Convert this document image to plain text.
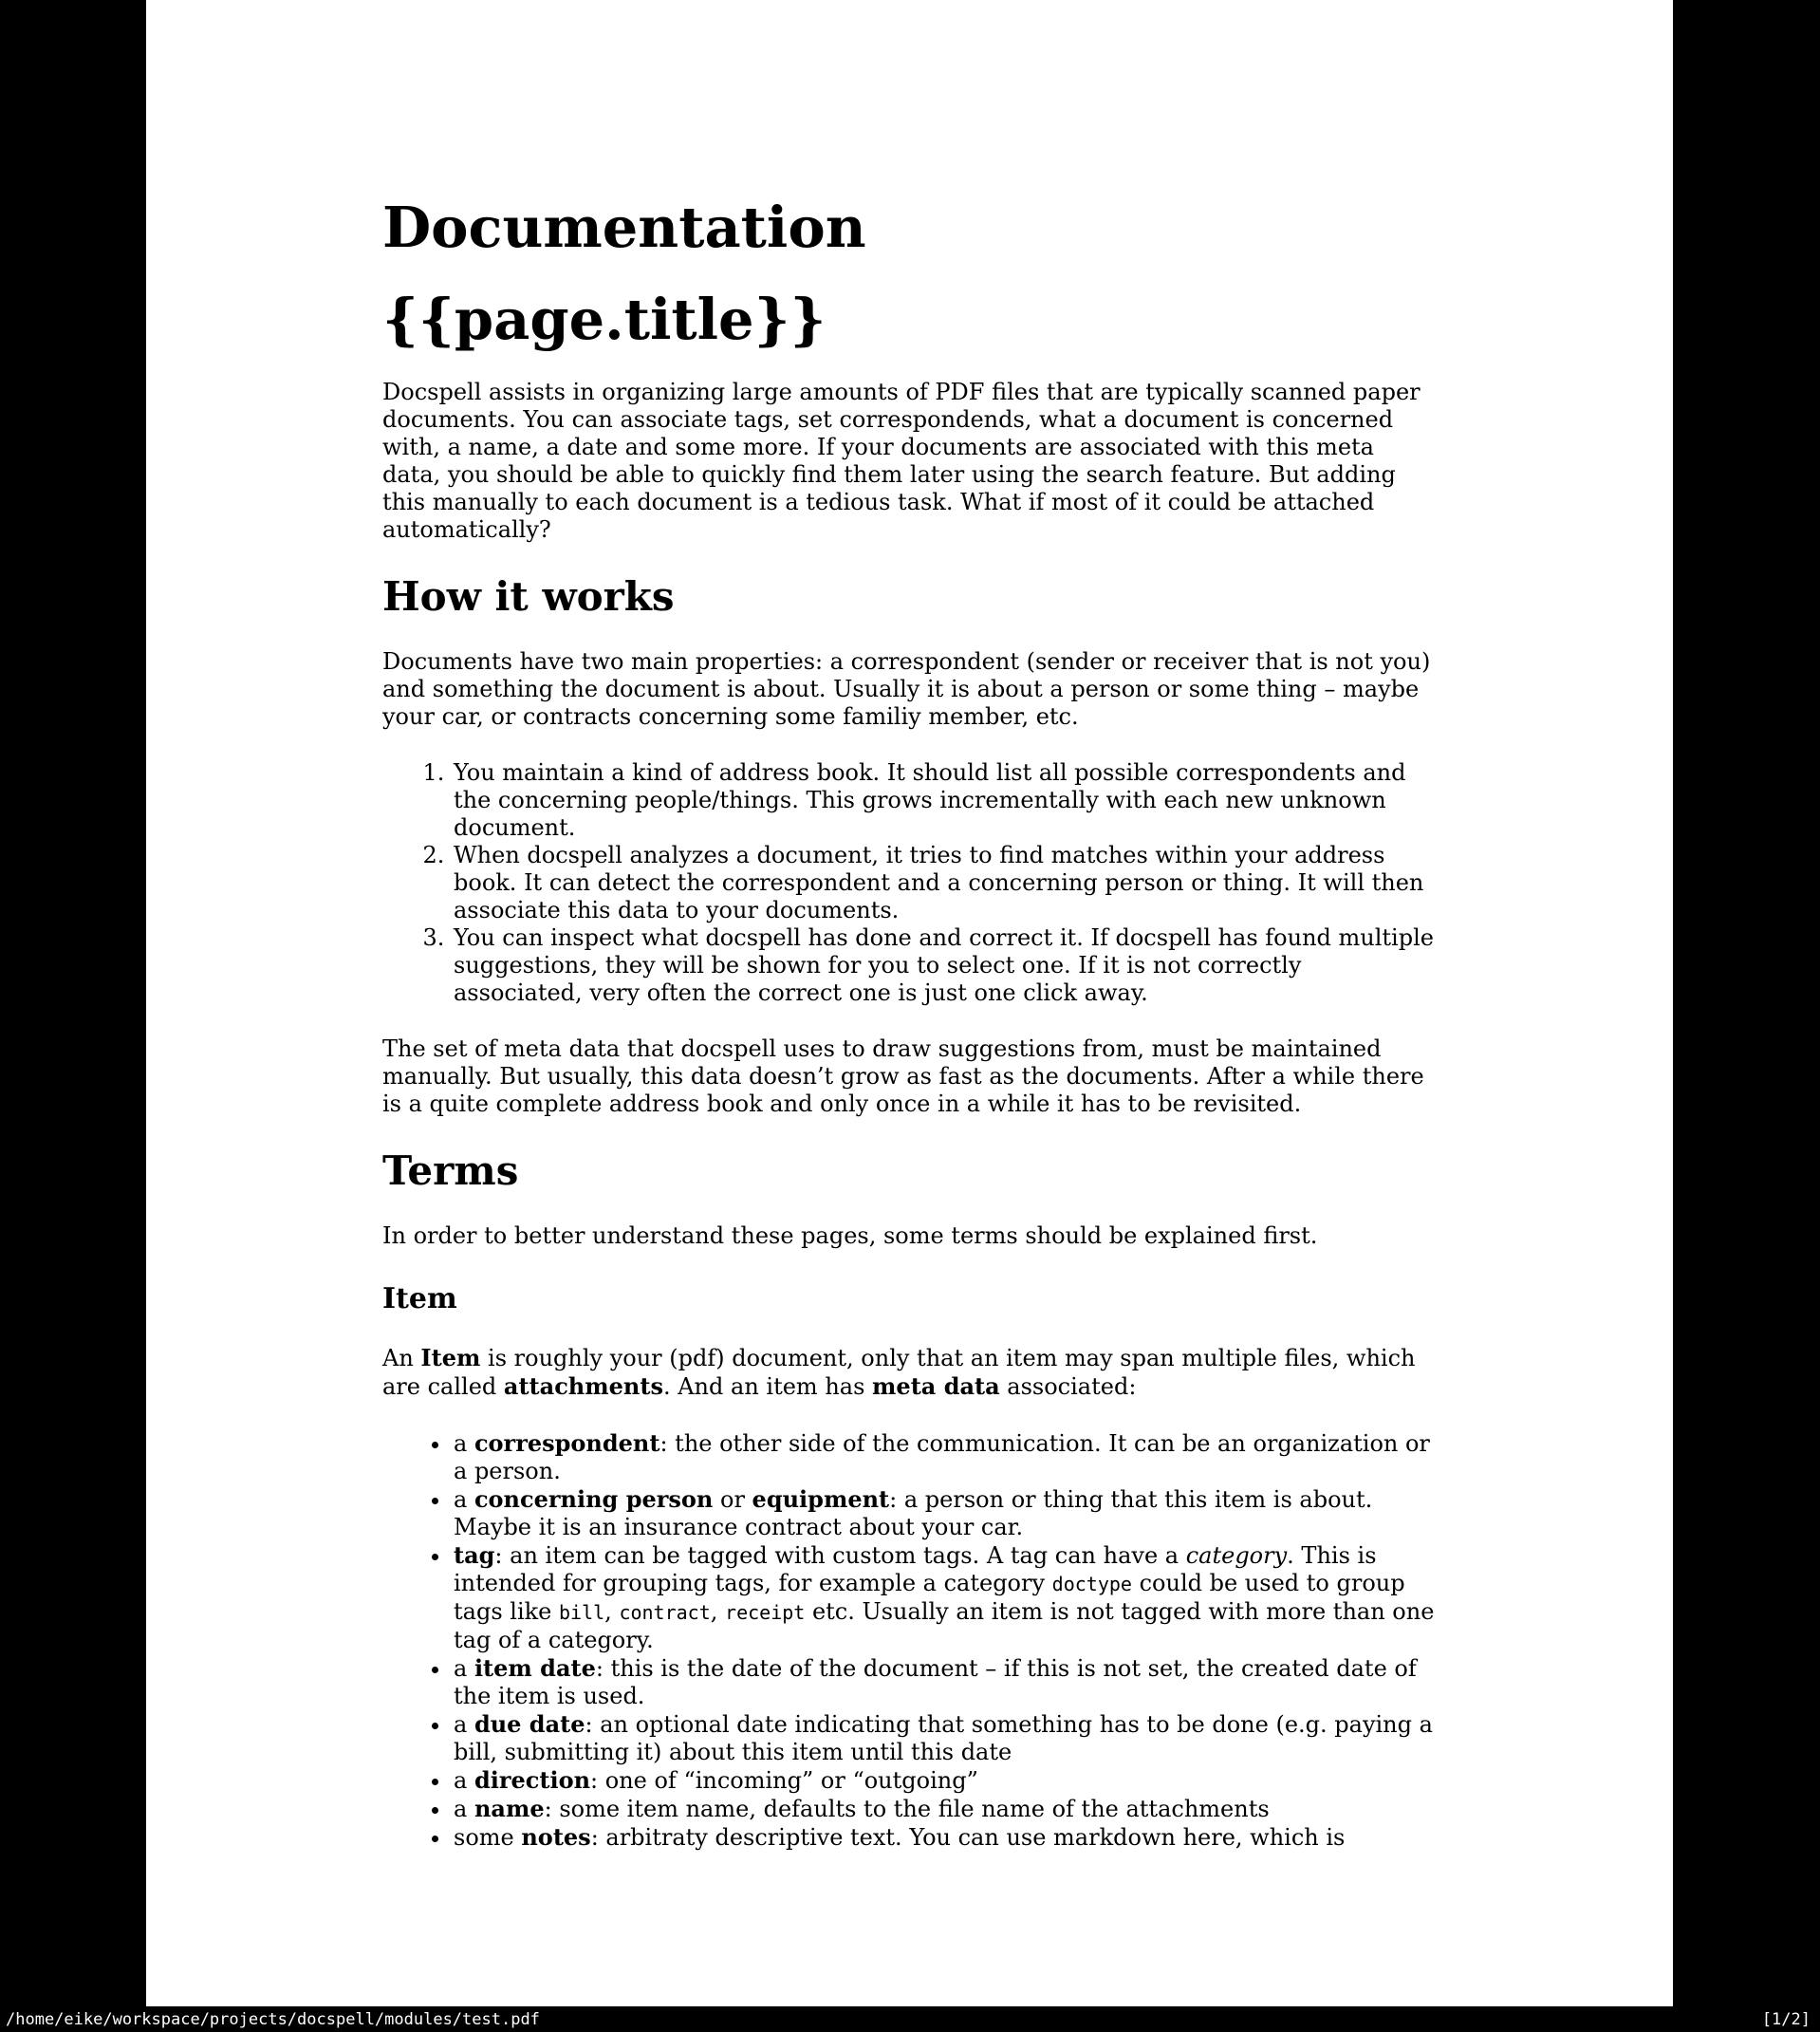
Documentation
{{page.title}}

Docspell assists in organizing large amounts of PDF files that are typically scanned paper documents. You can associate tags, set correspondends, what a document is concerned with, a name, a date and some more. If your documents are associated with this meta data, you should be able to quickly find them later using the search feature. But adding this manually to each document is a tedious task. What if most of it could be attached automatically?

How it works

Documents have two main properties: a correspondent (sender or receiver that is not you) and something the document is about. Usually it is about a person or some thing – maybe your car, or contracts concerning some familiy member, etc.

1. You maintain a kind of address book. It should list all possible correspondents and the concerning people/things. This grows incrementally with each new unknown document.
2. When docspell analyzes a document, it tries to find matches within your address book. It can detect the correspondent and a concerning person or thing. It will then associate this data to your documents.
3. You can inspect what docspell has done and correct it. If docspell has found multiple suggestions, they will be shown for you to select one. If it is not correctly associated, very often the correct one is just one click away.

The set of meta data that docspell uses to draw suggestions from, must be maintained manually. But usually, this data doesn’t grow as fast as the documents. After a while there is a quite complete address book and only once in a while it has to be revisited.

Terms

In order to better understand these pages, some terms should be explained first.

Item

An Item is roughly your (pdf) document, only that an item may span multiple files, which are called attachments. And an item has meta data associated:

• a correspondent: the other side of the communication. It can be an organization or a person.
• a concerning person or equipment: a person or thing that this item is about. Maybe it is an insurance contract about your car.
• tag: an item can be tagged with custom tags. A tag can have a category. This is intended for grouping tags, for example a category doctype could be used to group tags like bill, contract, receipt etc. Usually an item is not tagged with more than one tag of a category.
• a item date: this is the date of the document – if this is not set, the created date of the item is used.
• a due date: an optional date indicating that something has to be done (e.g. paying a bill, submitting it) about this item until this date
• a direction: one of “incoming” or “outgoing”
• a name: some item name, defaults to the file name of the attachments
• some notes: arbitraty descriptive text. You can use markdown here, which is
/home/eike/workspace/projects/docspell/modules/test.pdf	[1/2]
